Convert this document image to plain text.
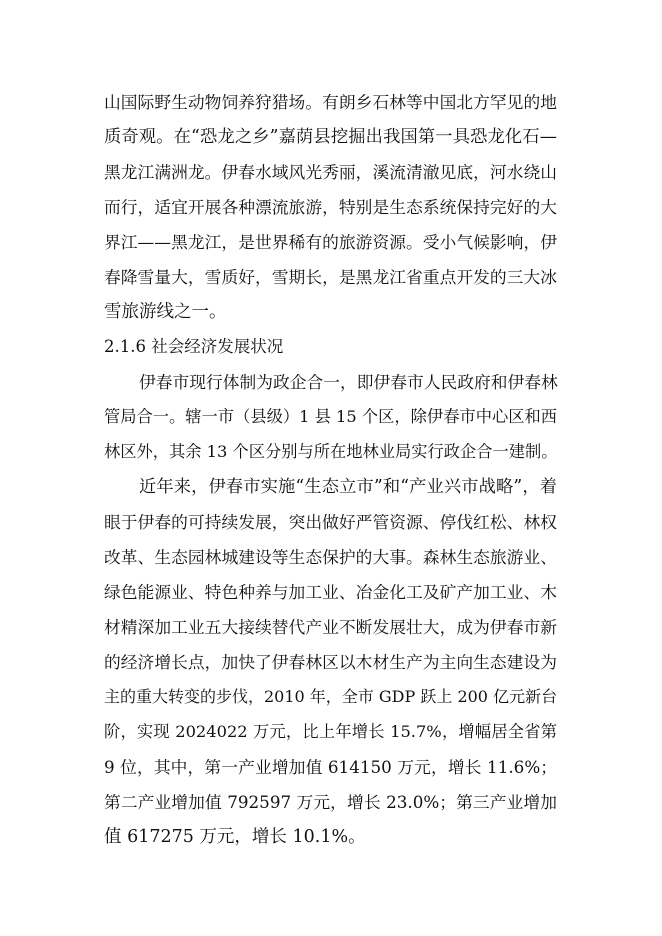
山国际野生动物饲养狩猎场。有朗乡石林等中国北方罕见的地
质奇观。在“恐龙之乡”嘉荫县挖掘出我国第一具恐龙化石—
黑龙江满洲龙。伊春水域风光秀丽，溪流清澈见底，河水绕山
而行，适宜开展各种漂流旅游，特别是生态系统保持完好的大
界江——黑龙江，是世界稀有的旅游资源。受小气候影响，伊
春降雪量大，雪质好，雪期长，是黑龙江省重点开发的三大冰
雪旅游线之一。
2.1.6 社会经济发展状况
伊春市现行体制为政企合一，即伊春市人民政府和伊春林
管局合一。辖一市（县级）1 县 15 个区，除伊春市中心区和西
林区外，其余 13 个区分别与所在地林业局实行政企合一建制。
近年来，伊春市实施“生态立市”和“产业兴市战略”，着
眼于伊春的可持续发展，突出做好严管资源、停伐红松、林权
改革、生态园林城建设等生态保护的大事。森林生态旅游业、
绿色能源业、特色种养与加工业、冶金化工及矿产加工业、木
材精深加工业五大接续替代产业不断发展壮大，成为伊春市新
的经济增长点，加快了伊春林区以木材生产为主向生态建设为
主的重大转变的步伐，2010 年，全市 GDP 跃上 200 亿元新台
阶，实现 2024022 万元，比上年增长 15.7%，增幅居全省第
9 位，其中，第一产业增加值 614150 万元，增长 11.6%；
第二产业增加值 792597 万元，增长 23.0%；第三产业增加
值 617275 万元，增长 10.1%。
